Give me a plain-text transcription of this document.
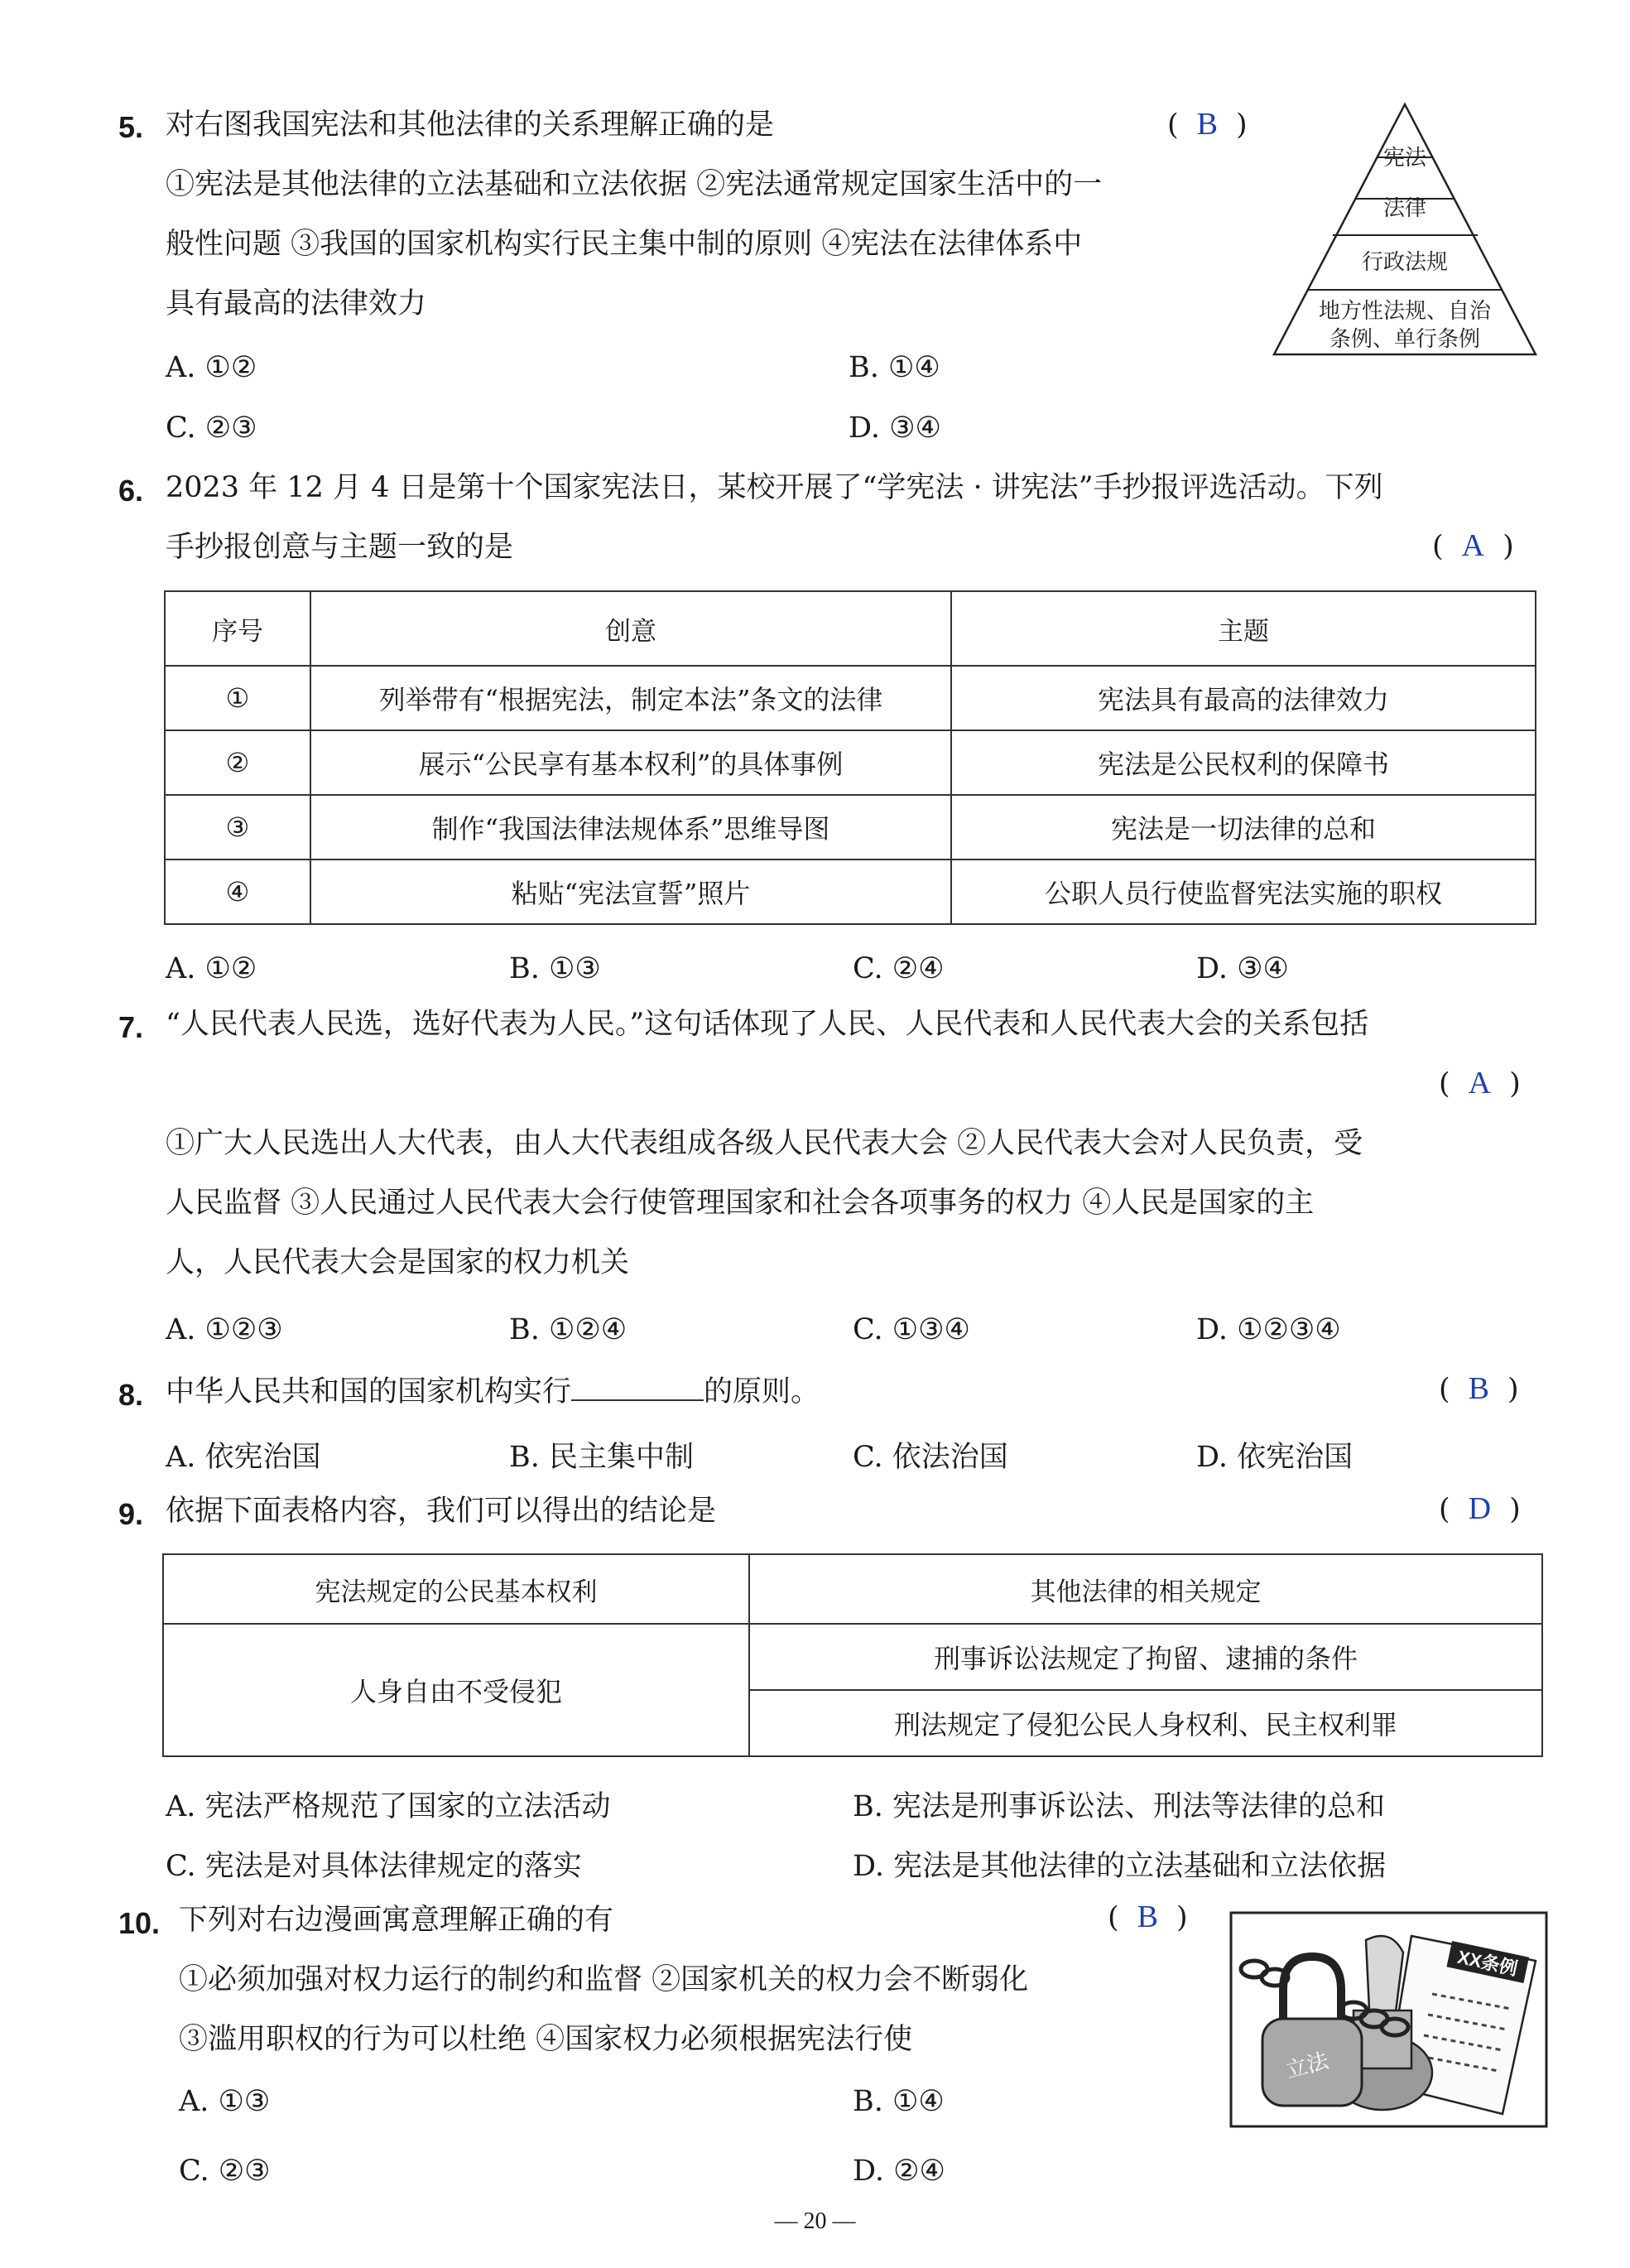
5. 对右图我国宪法和其他法律的关系理解正确的是	( B )
①宪法是其他法律的立法基础和立法依据 ②宪法通常规定国家生活中的一
般性问题 ③我国的国家机构实行民主集中制的原则 ④宪法在法律体系中
具有最高的法律效力
A. ①②	B. ①④
C. ②③	D. ③④
宪法
法律
行政法规
地方性法规、自治
条例、单行条例
6. 2023 年 12 月 4 日是第十个国家宪法日，某校开展了“学宪法 · 讲宪法”手抄报评选活动。下列
手抄报创意与主题一致的是	( A )
序号	创意	主题
①	列举带有“根据宪法，制定本法”条文的法律	宪法具有最高的法律效力
②	展示“公民享有基本权利”的具体事例	宪法是公民权利的保障书
③	制作“我国法律法规体系”思维导图	宪法是一切法律的总和
④	粘贴“宪法宣誓”照片	公职人员行使监督宪法实施的职权
A. ①②	B. ①③	C. ②④	D. ③④
7. “人民代表人民选，选好代表为人民。”这句话体现了人民、人民代表和人民代表大会的关系包括
( A )
①广大人民选出人大代表，由人大代表组成各级人民代表大会 ②人民代表大会对人民负责，受
人民监督 ③人民通过人民代表大会行使管理国家和社会各项事务的权力 ④人民是国家的主
人，人民代表大会是国家的权力机关
A. ①②③	B. ①②④	C. ①③④	D. ①②③④
8. 中华人民共和国的国家机构实行	的原则。	( B )
A. 依宪治国	B. 民主集中制	C. 依法治国	D. 依宪治国
9. 依据下面表格内容，我们可以得出的结论是	( D )
宪法规定的公民基本权利	其他法律的相关规定
人身自由不受侵犯	刑事诉讼法规定了拘留、逮捕的条件
	刑法规定了侵犯公民人身权利、民主权利罪
A. 宪法严格规范了国家的立法活动	B. 宪法是刑事诉讼法、刑法等法律的总和
C. 宪法是对具体法律规定的落实	D. 宪法是其他法律的立法基础和立法依据
10. 下列对右边漫画寓意理解正确的有	( B )
①必须加强对权力运行的制约和监督 ②国家机关的权力会不断弱化
③滥用职权的行为可以杜绝 ④国家权力必须根据宪法行使
A. ①③	B. ①④
C. ②③	D. ②④
XX条例
立法
— 20 —
